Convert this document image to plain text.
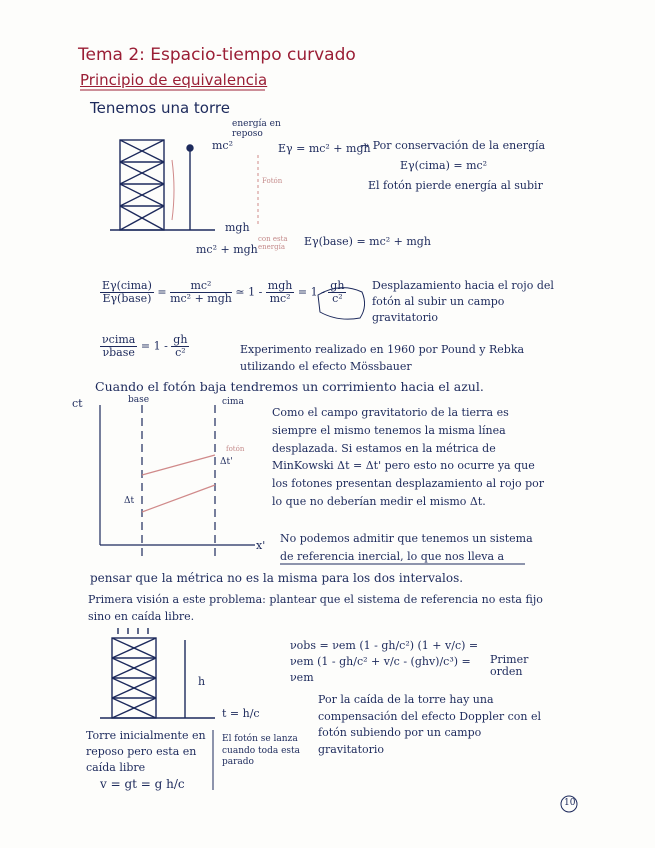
Tema 2: Espacio-tiempo curvado
Principio de equivalencia
Tenemos una torre
energía en reposo
mc²	Eγ = mc² + mgh
→ Por conservación de la energía
Eγ(cima) = mc²
El fotón pierde energía al subir
Fotón
mgh
mc² + mgh
con esta energía	Eγ(base) = mc² + mgh
$\frac{\text{Eγ(cima)}}{\text{Eγ(base)}} = \frac{\text{mc²}}{\text{mc² + mgh}}$ ≃ $1 - \frac{\text{mgh}}{\text{mc²}} = 1 - \frac{gh}{\text{c²}}$ Desplazamiento hacia el rojo del fotón al subir un campo gravitatorio
$\frac{\text{νcima}}{\text{νbase}} = 1 - \frac{gh}{\text{c²}}$	Experimento realizado en 1960 por Pound y Rebka utilizando el efecto Mössbauer
Cuando el fotón baja tendremos un corrimiento hacia el azul.
ct	base	cima
Δt'
fotón
Δt
x'
Como el campo gravitatorio de la tierra es siempre el mismo tenemos la misma línea desplazada. Si estamos en la métrica de MinKowski Δt = Δt' pero esto no ocurre ya que los fotones presentan desplazamiento al rojo por lo que no deberían medir el mismo Δt.
No podemos admitir que tenemos un sistema de referencia inercial, lo que nos lleva a
pensar que la métrica no es la misma para los dos intervalos.
Primera visión a este problema: plantear que el sistema de referencia no esta fijo sino en caída libre.
h
t = h/c
νobs = νem (1 - gh/c²) (1 + v/c) = νem (1 - gh/c² + v/c - (ghv)/c³) = νem
Primer orden
Por la caída de la torre hay una compensación del efecto Doppler con el fotón subiendo por un campo gravitatorio
Torre inicialmente en reposo pero esta en caída libre
El fotón se lanza cuando toda esta parado
v = gt = g h/c
10
